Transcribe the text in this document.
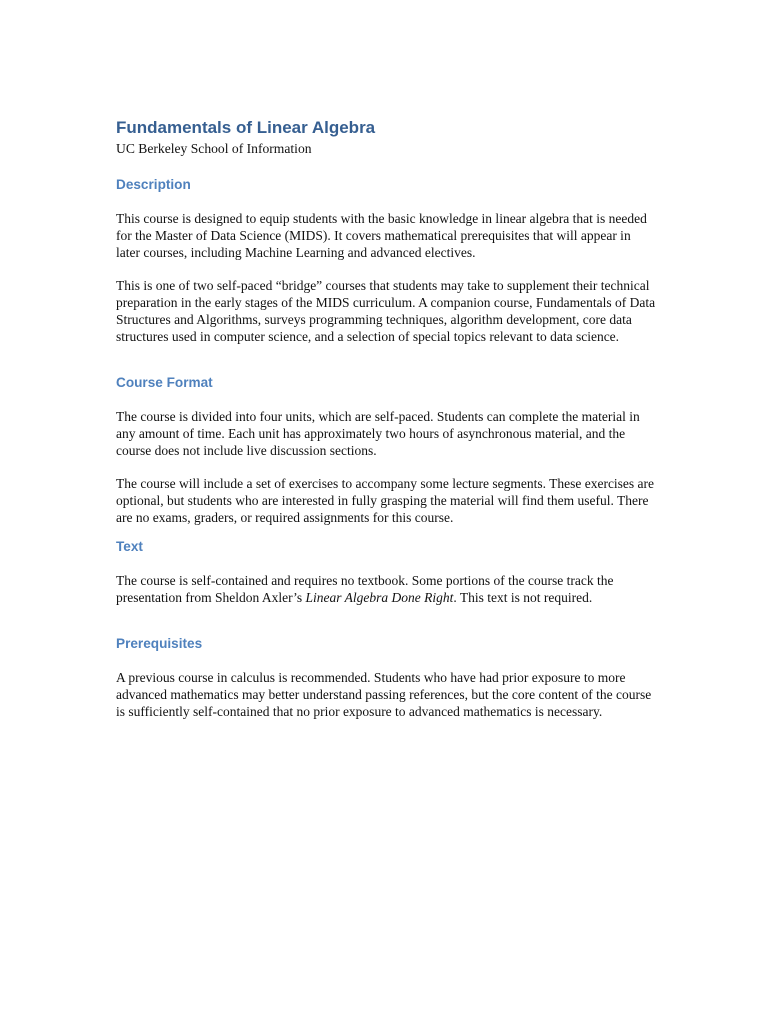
Fundamentals of Linear Algebra

UC Berkeley School of Information

Description

This course is designed to equip students with the basic knowledge in linear algebra that is needed for the Master of Data Science (MIDS). It covers mathematical prerequisites that will appear in later courses, including Machine Learning and advanced electives.

This is one of two self-paced “bridge” courses that students may take to supplement their technical preparation in the early stages of the MIDS curriculum. A companion course, Fundamentals of Data Structures and Algorithms, surveys programming techniques, algorithm development, core data structures used in computer science, and a selection of special topics relevant to data science.

Course Format

The course is divided into four units, which are self-paced. Students can complete the material in any amount of time. Each unit has approximately two hours of asynchronous material, and the course does not include live discussion sections.

The course will include a set of exercises to accompany some lecture segments. These exercises are optional, but students who are interested in fully grasping the material will find them useful. There are no exams, graders, or required assignments for this course.

Text

The course is self-contained and requires no textbook. Some portions of the course track the presentation from Sheldon Axler’s Linear Algebra Done Right. This text is not required.

Prerequisites

A previous course in calculus is recommended. Students who have had prior exposure to more advanced mathematics may better understand passing references, but the core content of the course is sufficiently self-contained that no prior exposure to advanced mathematics is necessary.
